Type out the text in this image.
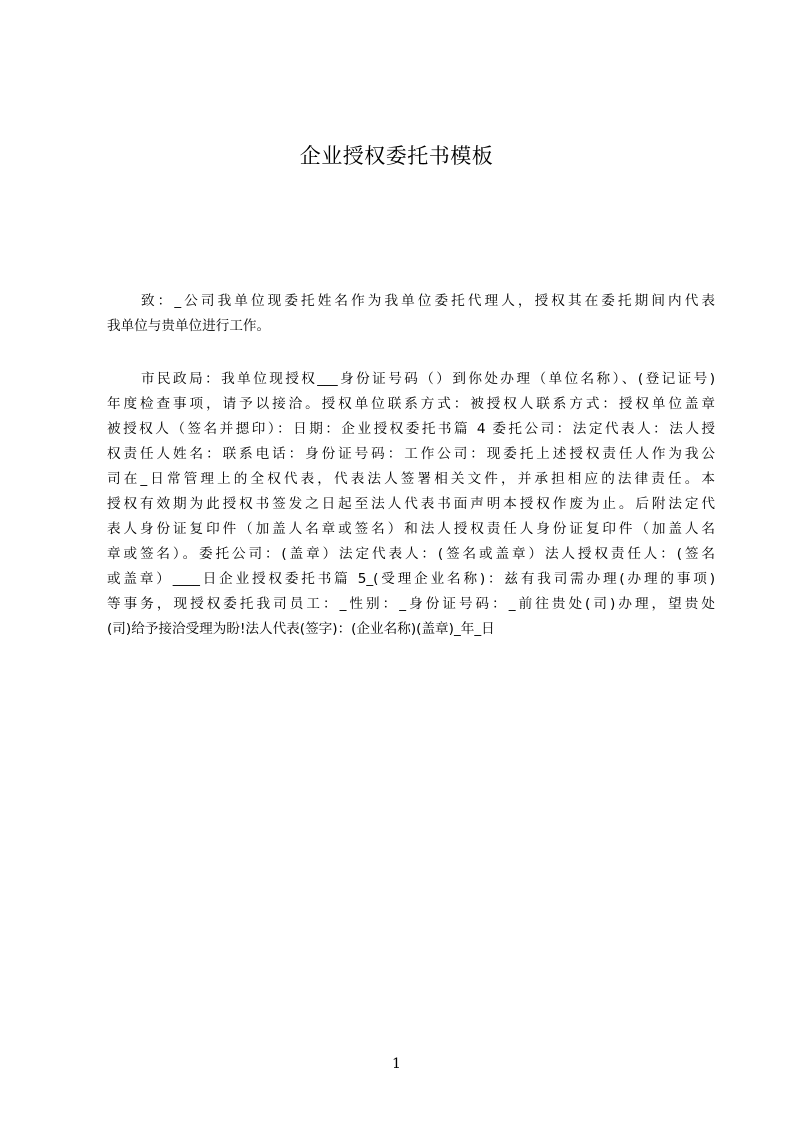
企业授权委托书模板
致：_公司我单位现委托姓名作为我单位委托代理人，授权其在委托期间内代表
我单位与贵单位进行工作。
市民政局：我单位现授权___身份证号码（）到你处办理（单位名称）、(登记证号)
年度检查事项，请予以接洽。授权单位联系方式：被授权人联系方式：授权单位盖章
被授权人（签名并摁印）：日期：企业授权委托书篇 4 委托公司：法定代表人：法人授
权责任人姓名：联系电话：身份证号码：工作公司：现委托上述授权责任人作为我公
司在_日常管理上的全权代表，代表法人签署相关文件，并承担相应的法律责任。本
授权有效期为此授权书签发之日起至法人代表书面声明本授权作废为止。后附法定代
表人身份证复印件（加盖人名章或签名）和法人授权责任人身份证复印件（加盖人名
章或签名）。委托公司：(盖章）法定代表人：(签名或盖章）法人授权责任人：(签名
或盖章）____日企业授权委托书篇 5_(受理企业名称)：兹有我司需办理(办理的事项)
等事务，现授权委托我司员工：_性别：_身份证号码：_前往贵处(司)办理，望贵处
(司)给予接洽受理为盼!法人代表(签字)：(企业名称)(盖章)_年_日
1
